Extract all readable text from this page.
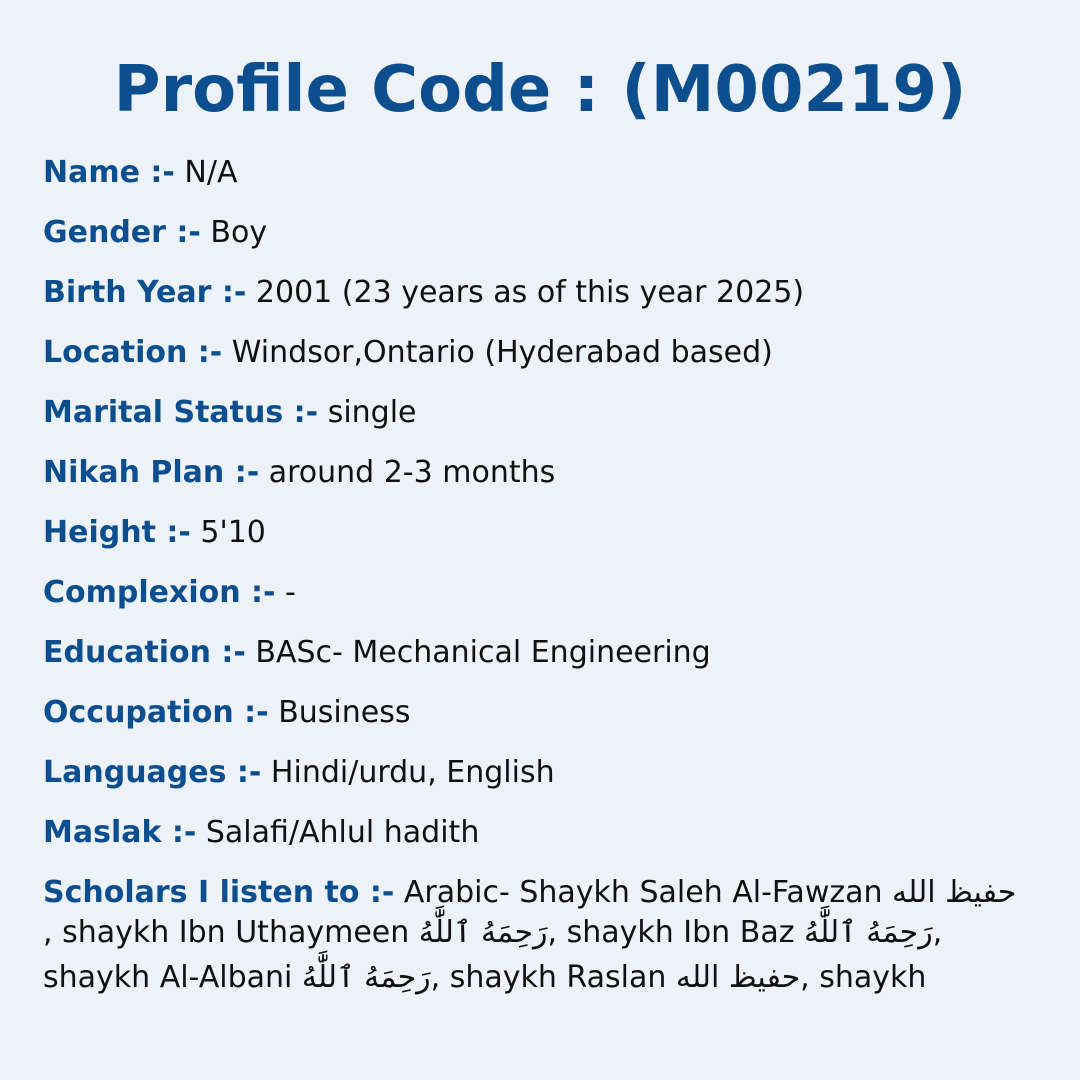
Profile Code : (M00219)
Name :- N/A
Gender :- Boy
Birth Year :- 2001 (23 years as of this year 2025)
Location :- Windsor,Ontario (Hyderabad based)
Marital Status :- single
Nikah Plan :- around 2-3 months
Height :- 5'10
Complexion :- -
Education :- BASc- Mechanical Engineering
Occupation :- Business
Languages :- Hindi/urdu, English
Maslak :- Salafi/Ahlul hadith
Scholars I listen to :- Arabic- Shaykh Saleh Al-Fawzan حفيظ الله
, shaykh Ibn Uthaymeen رَحِمَهُ ٱللَّٰهُ, shaykh Ibn Baz رَحِمَهُ ٱللَّٰهُ,
shaykh Al-Albani رَحِمَهُ ٱللَّٰهُ, shaykh Raslan حفيظ الله, shaykh
